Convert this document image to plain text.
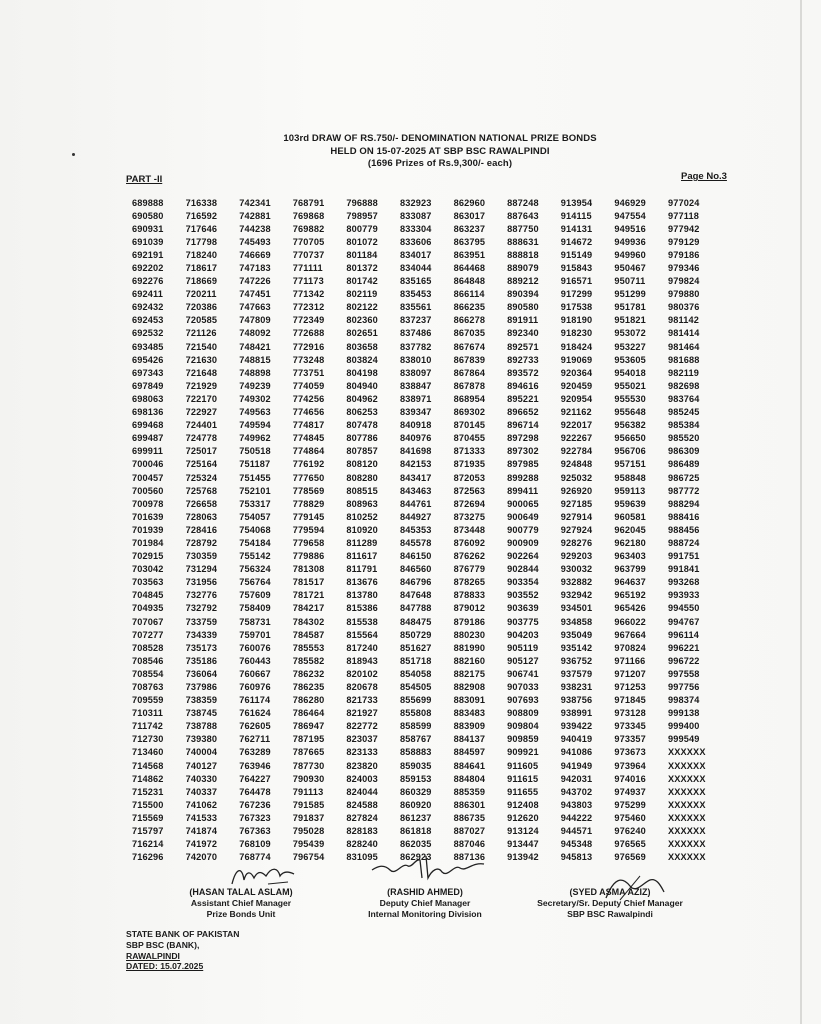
103rd DRAW OF RS.750/- DENOMINATION NATIONAL PRIZE BONDS
HELD ON 15-07-2025 AT SBP BSC RAWALPINDI
(1696 Prizes of Rs.9,300/- each)
PART -II	Page No.3
689888	716338	742341	768791	796888	832923	862960	887248	913954	946929	977024
690580	716592	742881	769868	798957	833087	863017	887643	914115	947554	977118
690931	717646	744238	769882	800779	833304	863237	887750	914131	949516	977942
691039	717798	745493	770705	801072	833606	863795	888631	914672	949936	979129
692191	718240	746669	770737	801184	834017	863951	888818	915149	949960	979186
692202	718617	747183	771111	801372	834044	864468	889079	915843	950467	979346
692276	718669	747226	771173	801742	835165	864848	889212	916571	950711	979824
692411	720211	747451	771342	802119	835453	866114	890394	917299	951299	979880
692432	720386	747663	772312	802122	835561	866235	890580	917538	951781	980376
692453	720585	747809	772349	802360	837237	866278	891911	918190	951821	981142
692532	721126	748092	772688	802651	837486	867035	892340	918230	953072	981414
693485	721540	748421	772916	803658	837782	867674	892571	918424	953227	981464
695426	721630	748815	773248	803824	838010	867839	892733	919069	953605	981688
697343	721648	748898	773751	804198	838097	867864	893572	920364	954018	982119
697849	721929	749239	774059	804940	838847	867878	894616	920459	955021	982698
698063	722170	749302	774256	804962	838971	868954	895221	920954	955530	983764
698136	722927	749563	774656	806253	839347	869302	896652	921162	955648	985245
699468	724401	749594	774817	807478	840918	870145	896714	922017	956382	985384
699487	724778	749962	774845	807786	840976	870455	897298	922267	956650	985520
699911	725017	750518	774864	807857	841698	871333	897302	922784	956706	986309
700046	725164	751187	776192	808120	842153	871935	897985	924848	957151	986489
700457	725324	751455	777650	808280	843417	872053	899288	925032	958848	986725
700560	725768	752101	778569	808515	843463	872563	899411	926920	959113	987772
700978	726658	753317	778829	808963	844761	872694	900065	927185	959639	988294
701639	728063	754057	779145	810252	844927	873275	900649	927914	960581	988416
701939	728416	754068	779594	810920	845353	873448	900779	927924	962045	988456
701984	728792	754184	779658	811289	845578	876092	900909	928276	962180	988724
702915	730359	755142	779886	811617	846150	876262	902264	929203	963403	991751
703042	731294	756324	781308	811791	846560	876779	902844	930032	963799	991841
703563	731956	756764	781517	813676	846796	878265	903354	932882	964637	993268
704845	732776	757609	781721	813780	847648	878833	903552	932942	965192	993933
704935	732792	758409	784217	815386	847788	879012	903639	934501	965426	994550
707067	733759	758731	784302	815538	848475	879186	903775	934858	966022	994767
707277	734339	759701	784587	815564	850729	880230	904203	935049	967664	996114
708528	735173	760076	785553	817240	851627	881990	905119	935142	970824	996221
708546	735186	760443	785582	818943	851718	882160	905127	936752	971166	996722
708554	736064	760667	786232	820102	854058	882175	906741	937579	971207	997558
708763	737986	760976	786235	820678	854505	882908	907033	938231	971253	997756
709559	738359	761174	786280	821733	855699	883091	907693	938756	971845	998374
710311	738745	761624	786464	821927	855808	883483	908809	938991	973128	999138
711742	738788	762605	786947	822772	858599	883909	909804	939422	973345	999400
712730	739380	762711	787195	823037	858767	884137	909859	940419	973357	999549
713460	740004	763289	787665	823133	858883	884597	909921	941086	973673	XXXXXX
714568	740127	763946	787730	823820	859035	884641	911605	941949	973964	XXXXXX
714862	740330	764227	790930	824003	859153	884804	911615	942031	974016	XXXXXX
715231	740337	764478	791113	824044	860329	885359	911655	943702	974937	XXXXXX
715500	741062	767236	791585	824588	860920	886301	912408	943803	975299	XXXXXX
715569	741533	767323	791837	827824	861237	886735	912620	944222	975460	XXXXXX
715797	741874	767363	795028	828183	861818	887027	913124	944571	976240	XXXXXX
716214	741972	768109	795439	828240	862035	887046	913447	945348	976565	XXXXXX
716296	742070	768774	796754	831095	862923	887136	913942	945813	976569	XXXXXX
(HASAN TALAL ASLAM)
Assistant Chief Manager
Prize Bonds Unit
(RASHID AHMED)
Deputy Chief Manager
Internal Monitoring Division
(SYED ASMA AZIZ)
Secretary/Sr. Deputy Chief Manager
SBP BSC Rawalpindi
STATE BANK OF PAKISTAN
SBP BSC (BANK),
RAWALPINDI
DATED: 15.07.2025
